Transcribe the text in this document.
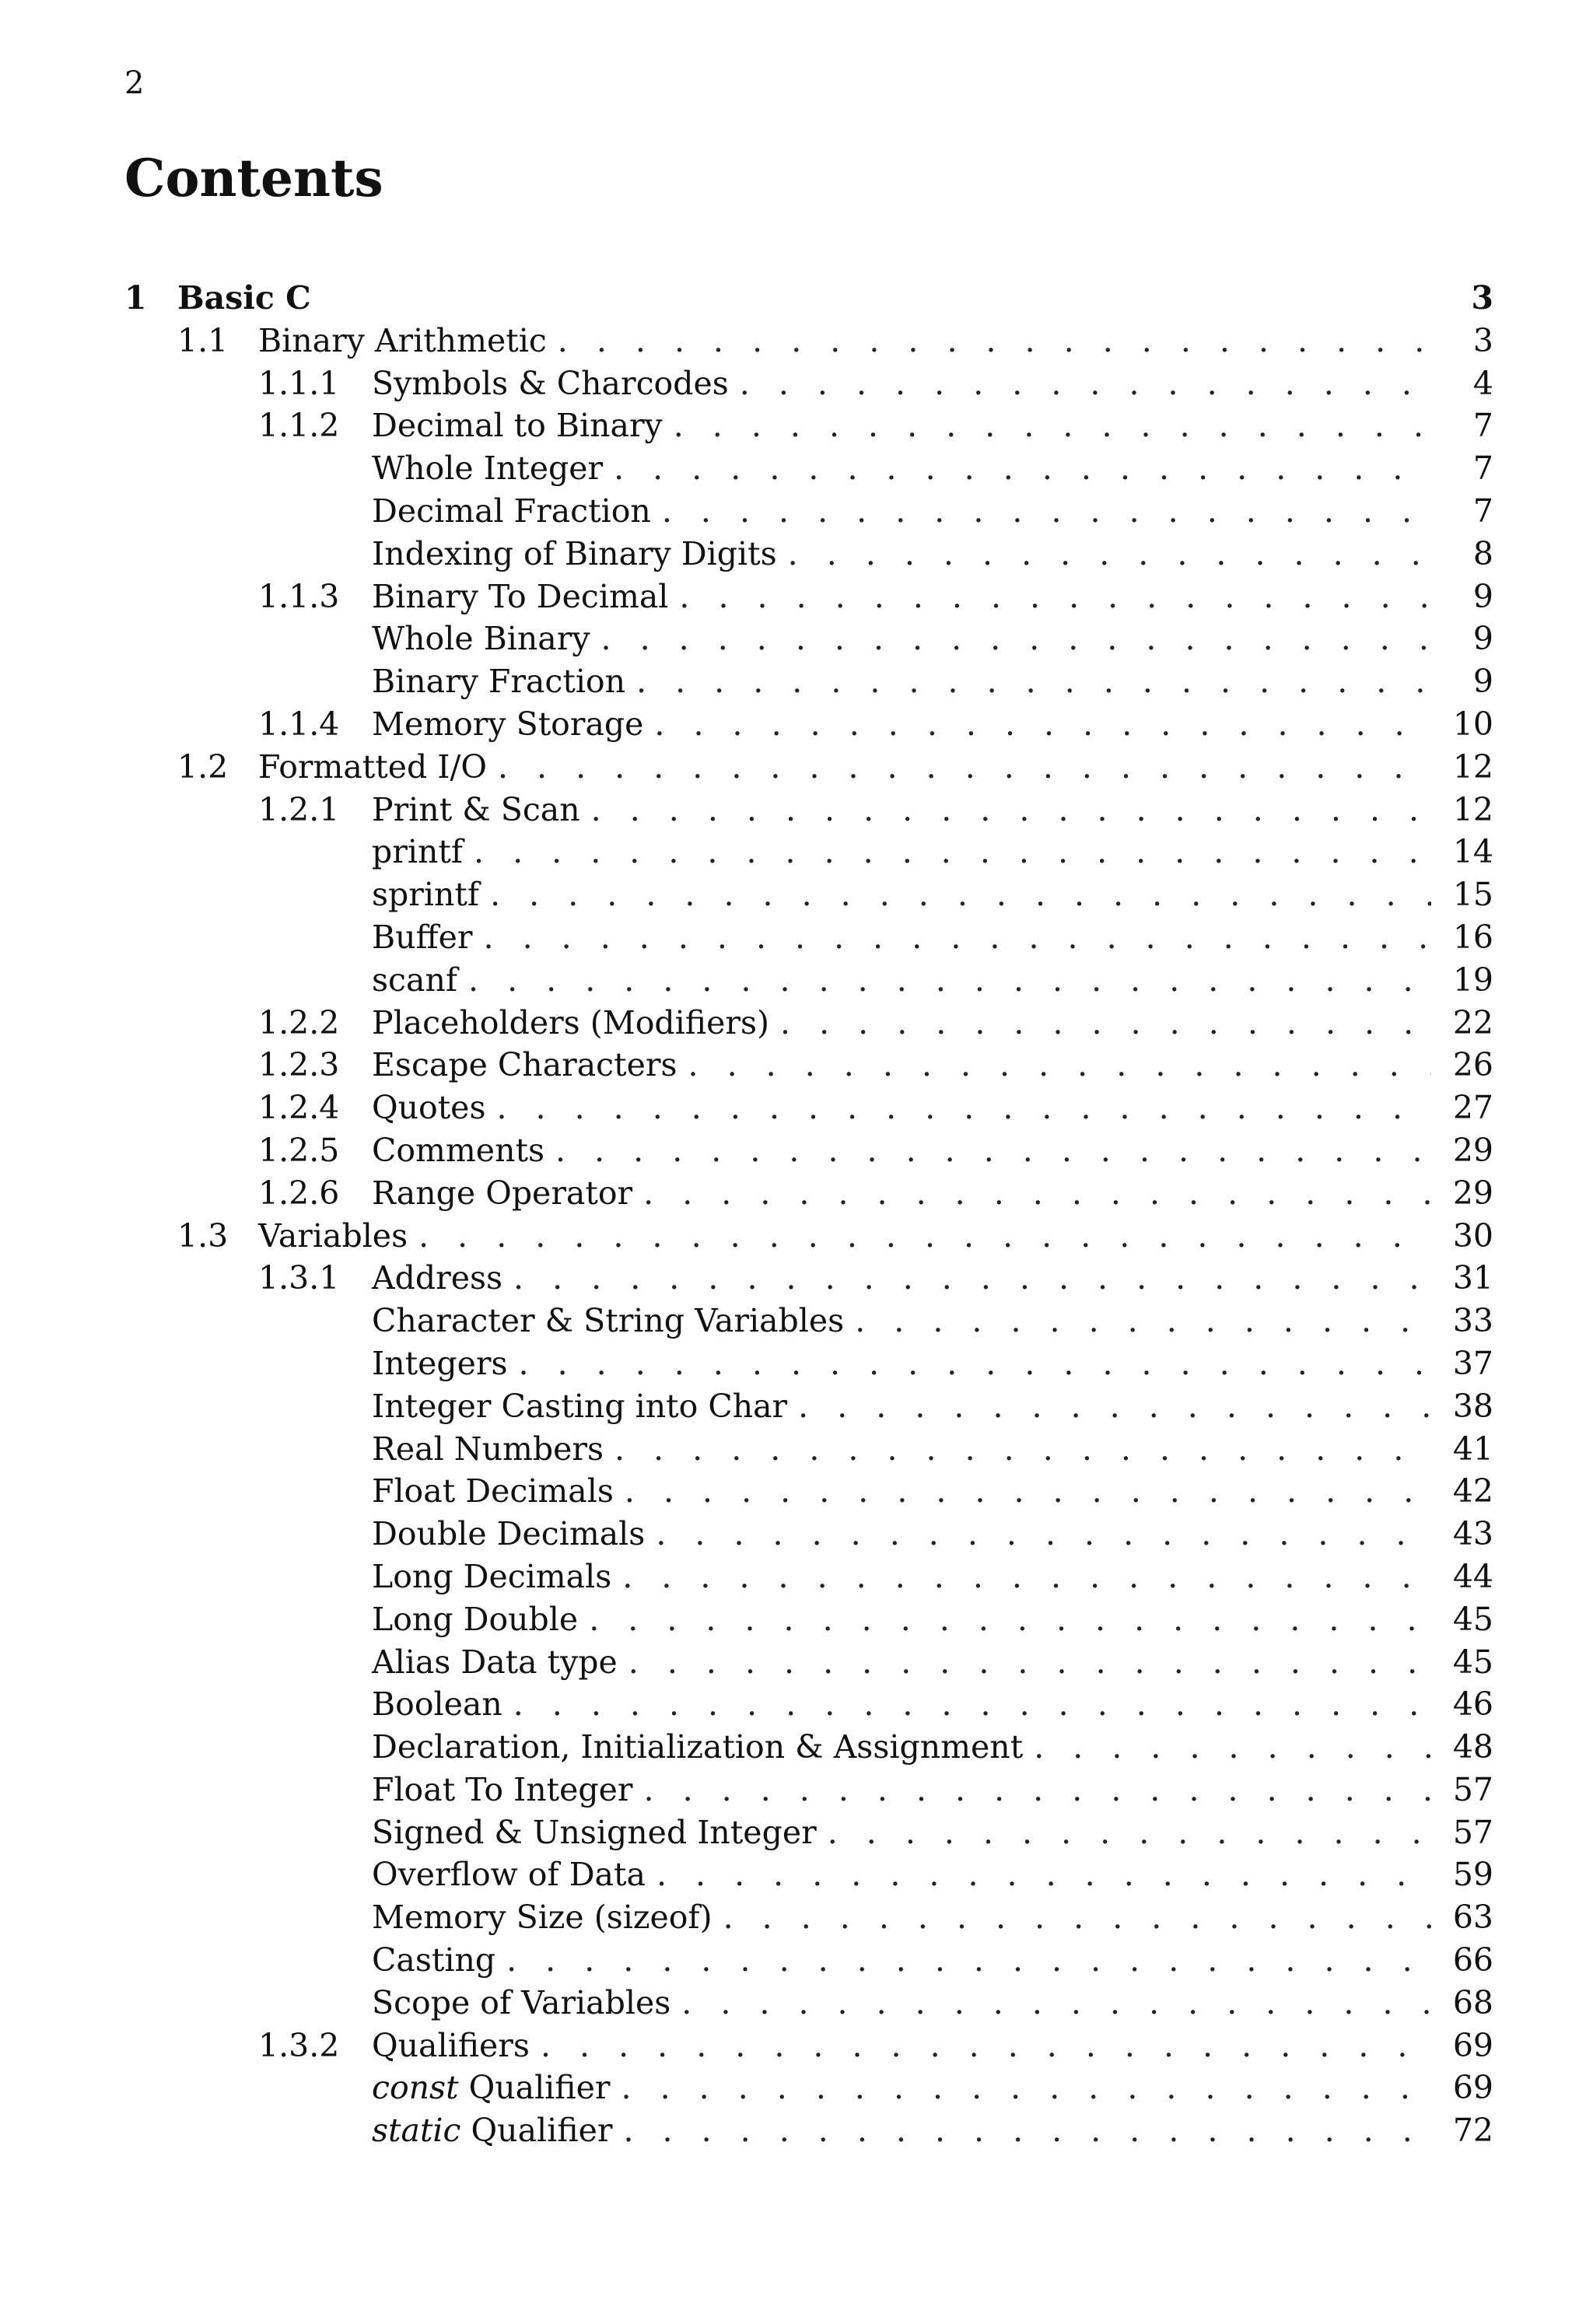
2
Contents
1 Basic C	3
1.1 Binary Arithmetic . . .	3
1.1.1 Symbols & Charcodes . . .	4
1.1.2 Decimal to Binary . . .	7
Whole Integer . . .	7
Decimal Fraction . . .	7
Indexing of Binary Digits . . .	8
1.1.3 Binary To Decimal . . .	9
Whole Binary . . .	9
Binary Fraction . . .	9
1.1.4 Memory Storage . . .	10
1.2 Formatted I/O . . .	12
1.2.1 Print & Scan . . .	12
printf . . .	14
sprintf . . .	15
Buffer . . .	16
scanf . . .	19
1.2.2 Placeholders (Modifiers) . . .	22
1.2.3 Escape Characters . . .	26
1.2.4 Quotes . . .	27
1.2.5 Comments . . .	29
1.2.6 Range Operator . . .	29
1.3 Variables . . .	30
1.3.1 Address . . .	31
Character & String Variables . . .	33
Integers . . .	37
Integer Casting into Char . . .	38
Real Numbers . . .	41
Float Decimals . . .	42
Double Decimals . . .	43
Long Decimals . . .	44
Long Double . . .	45
Alias Data type . . .	45
Boolean . . .	46
Declaration, Initialization & Assignment . . .	48
Float To Integer . . .	57
Signed & Unsigned Integer . . .	57
Overflow of Data . . .	59
Memory Size (sizeof) . . .	63
Casting . . .	66
Scope of Variables . . .	68
1.3.2 Qualifiers . . .	69
const Qualifier . . .	69
static Qualifier . . .	72
